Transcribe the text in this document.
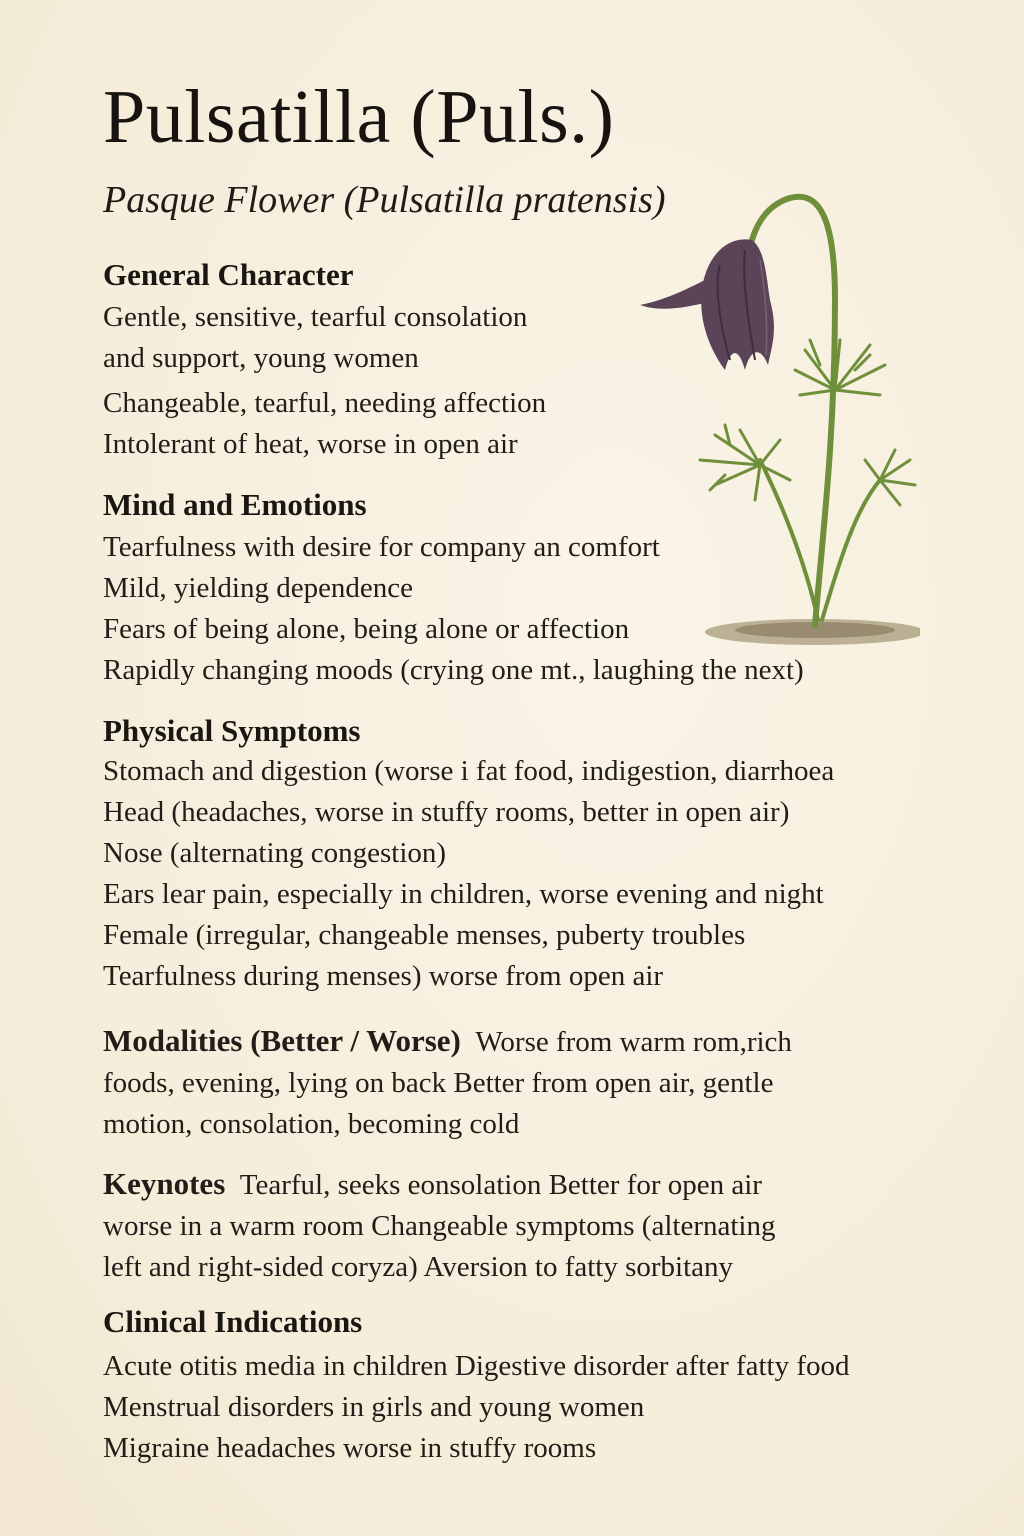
Pulsatilla (Puls.)
Pasque Flower (Pulsatilla pratensis)

General Character

Gentle, sensitive, tearful consolation

and support, young women

Changeable, tearful, needing affection

Intolerant of heat, worse in open air

Mind and Emotions

Tearfulness with desire for company an comfort

Mild, yielding dependence

Fears of being alone, being alone or affection

Rapidly changing moods (crying one mt., laughing the next)

Physical Symptoms

Stomach and digestion (worse i fat food, indigestion, diarrhoea

Head (headaches, worse in stuffy rooms, better in open air)

Nose (alternating congestion)

Ears lear pain, especially in children, worse evening and night

Female (irregular, changeable menses, puberty troubles

Tearfulness during menses) worse from open air

Modalities (Better / Worse) Worse from warm rom,rich

foods, evening, lying on back Better from open air, gentle

motion, consolation, becoming cold

Keynotes Tearful, seeks eonsolation Better for open air

worse in a warm room Changeable symptoms (alternating

left and right-sided coryza) Aversion to fatty sorbitany

Clinical Indications

Acute otitis media in children Digestive disorder after fatty food

Menstrual disorders in girls and young women

Migraine headaches worse in stuffy rooms
